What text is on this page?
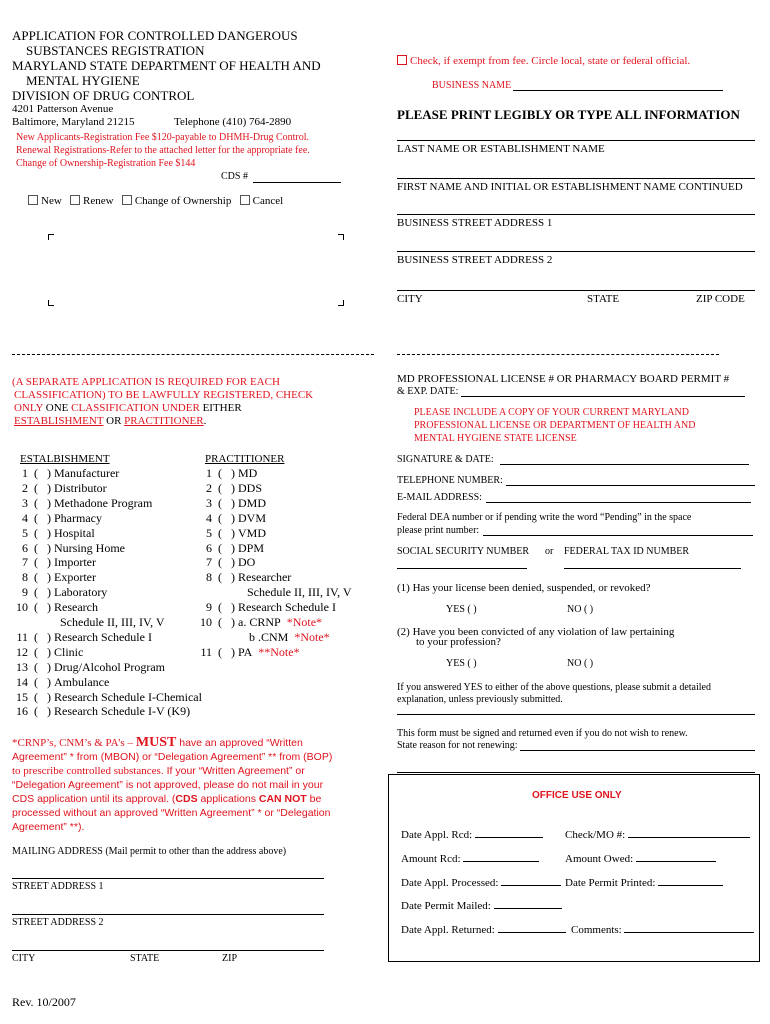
APPLICATION FOR CONTROLLED DANGEROUS
SUBSTANCES REGISTRATION
MARYLAND STATE DEPARTMENT OF HEALTH AND
MENTAL HYGIENE
DIVISION OF DRUG CONTROL
4201 Patterson Avenue
Baltimore, Maryland 21215	Telephone (410) 764-2890
New Applicants-Registration Fee $120-payable to DHMH-Drug Control.
Renewal Registrations-Refer to the attached letter for the appropriate fee.
Change of Ownership-Registration Fee $144
CDS #
New Renew Change of Ownership Cancel
(A SEPARATE APPLICATION IS REQUIRED FOR EACH
CLASSIFICATION) TO BE LAWFULLY REGISTERED, CHECK
ONLY ONE CLASSIFICATION UNDER EITHER
ESTABLISHMENT OR PRACTITIONER.
ESTALBISHMENT	PRACTITIONER
1  (   ) Manufacturer
2  (   ) Distributor
3  (   ) Methadone Program
4  (   ) Pharmacy
5  (   ) Hospital
6  (   ) Nursing Home
7  (   ) Importer
8  (   ) Exporter
9  (   ) Laboratory
10  (   ) Research
Schedule II, III, IV, V
11  (   ) Research Schedule I
12  (   ) Clinic
13  (   ) Drug/Alcohol Program
14  (   ) Ambulance
15  (   ) Research Schedule I-Chemical
16  (   ) Research Schedule I-V (K9)
1  (   ) MD
2  (   ) DDS
3  (   ) DMD
4  (   ) DVM
5  (   ) VMD
6  (   ) DPM
7  (   ) DO
8  (   ) Researcher
Schedule II, III, IV, V
9  (   ) Research Schedule I
10  (   ) a. CRNP *Note*
b .CNM *Note*
11  (   ) PA **Note*
*CRNP’s, CNM’s & PA’s – MUST have an approved “Written
Agreement” * from (MBON) or “Delegation Agreement” ** from (BOP)
to prescribe controlled substances. If your “Written Agreement” or
“Delegation Agreement” is not approved, please do not mail in your
CDS application until its approval. (CDS applications CAN NOT be
processed without an approved “Written Agreement” * or “Delegation
Agreement” **).
MAILING ADDRESS (Mail permit to other than the address above)
STREET ADDRESS 1
STREET ADDRESS 2
CITY	STATE	ZIP
Rev. 10/2007
Check, if exempt from fee. Circle local, state or federal official.
BUSINESS NAME
PLEASE PRINT LEGIBLY OR TYPE ALL INFORMATION
LAST NAME OR ESTABLISHMENT NAME
FIRST NAME AND INITIAL OR ESTABLISHMENT NAME CONTINUED
BUSINESS STREET ADDRESS 1
BUSINESS STREET ADDRESS 2
CITY	STATE	ZIP CODE
MD PROFESSIONAL LICENSE # OR PHARMACY BOARD PERMIT #
& EXP. DATE:
PLEASE INCLUDE A COPY OF YOUR CURRENT MARYLAND
PROFESSIONAL LICENSE OR DEPARTMENT OF HEALTH AND
MENTAL HYGIENE STATE LICENSE
SIGNATURE & DATE:
TELEPHONE NUMBER:
E-MAIL ADDRESS:
Federal DEA number or if pending write the word “Pending” in the space
please print number:
SOCIAL SECURITY NUMBER or FEDERAL TAX ID NUMBER
(1) Has your license been denied, suspended, or revoked?
YES ( )	NO ( )
(2) Have you been convicted of any violation of law pertaining
to your profession?
YES ( )	NO ( )
If you answered YES to either of the above questions, please submit a detailed
explanation, unless previously submitted.
This form must be signed and returned even if you do not wish to renew.
State reason for not renewing:
OFFICE USE ONLY
Date Appl. Rcd:	Check/MO #:
Amount Rcd:	Amount Owed:
Date Appl. Processed:	Date Permit Printed:
Date Permit Mailed:
Date Appl. Returned:	Comments:
